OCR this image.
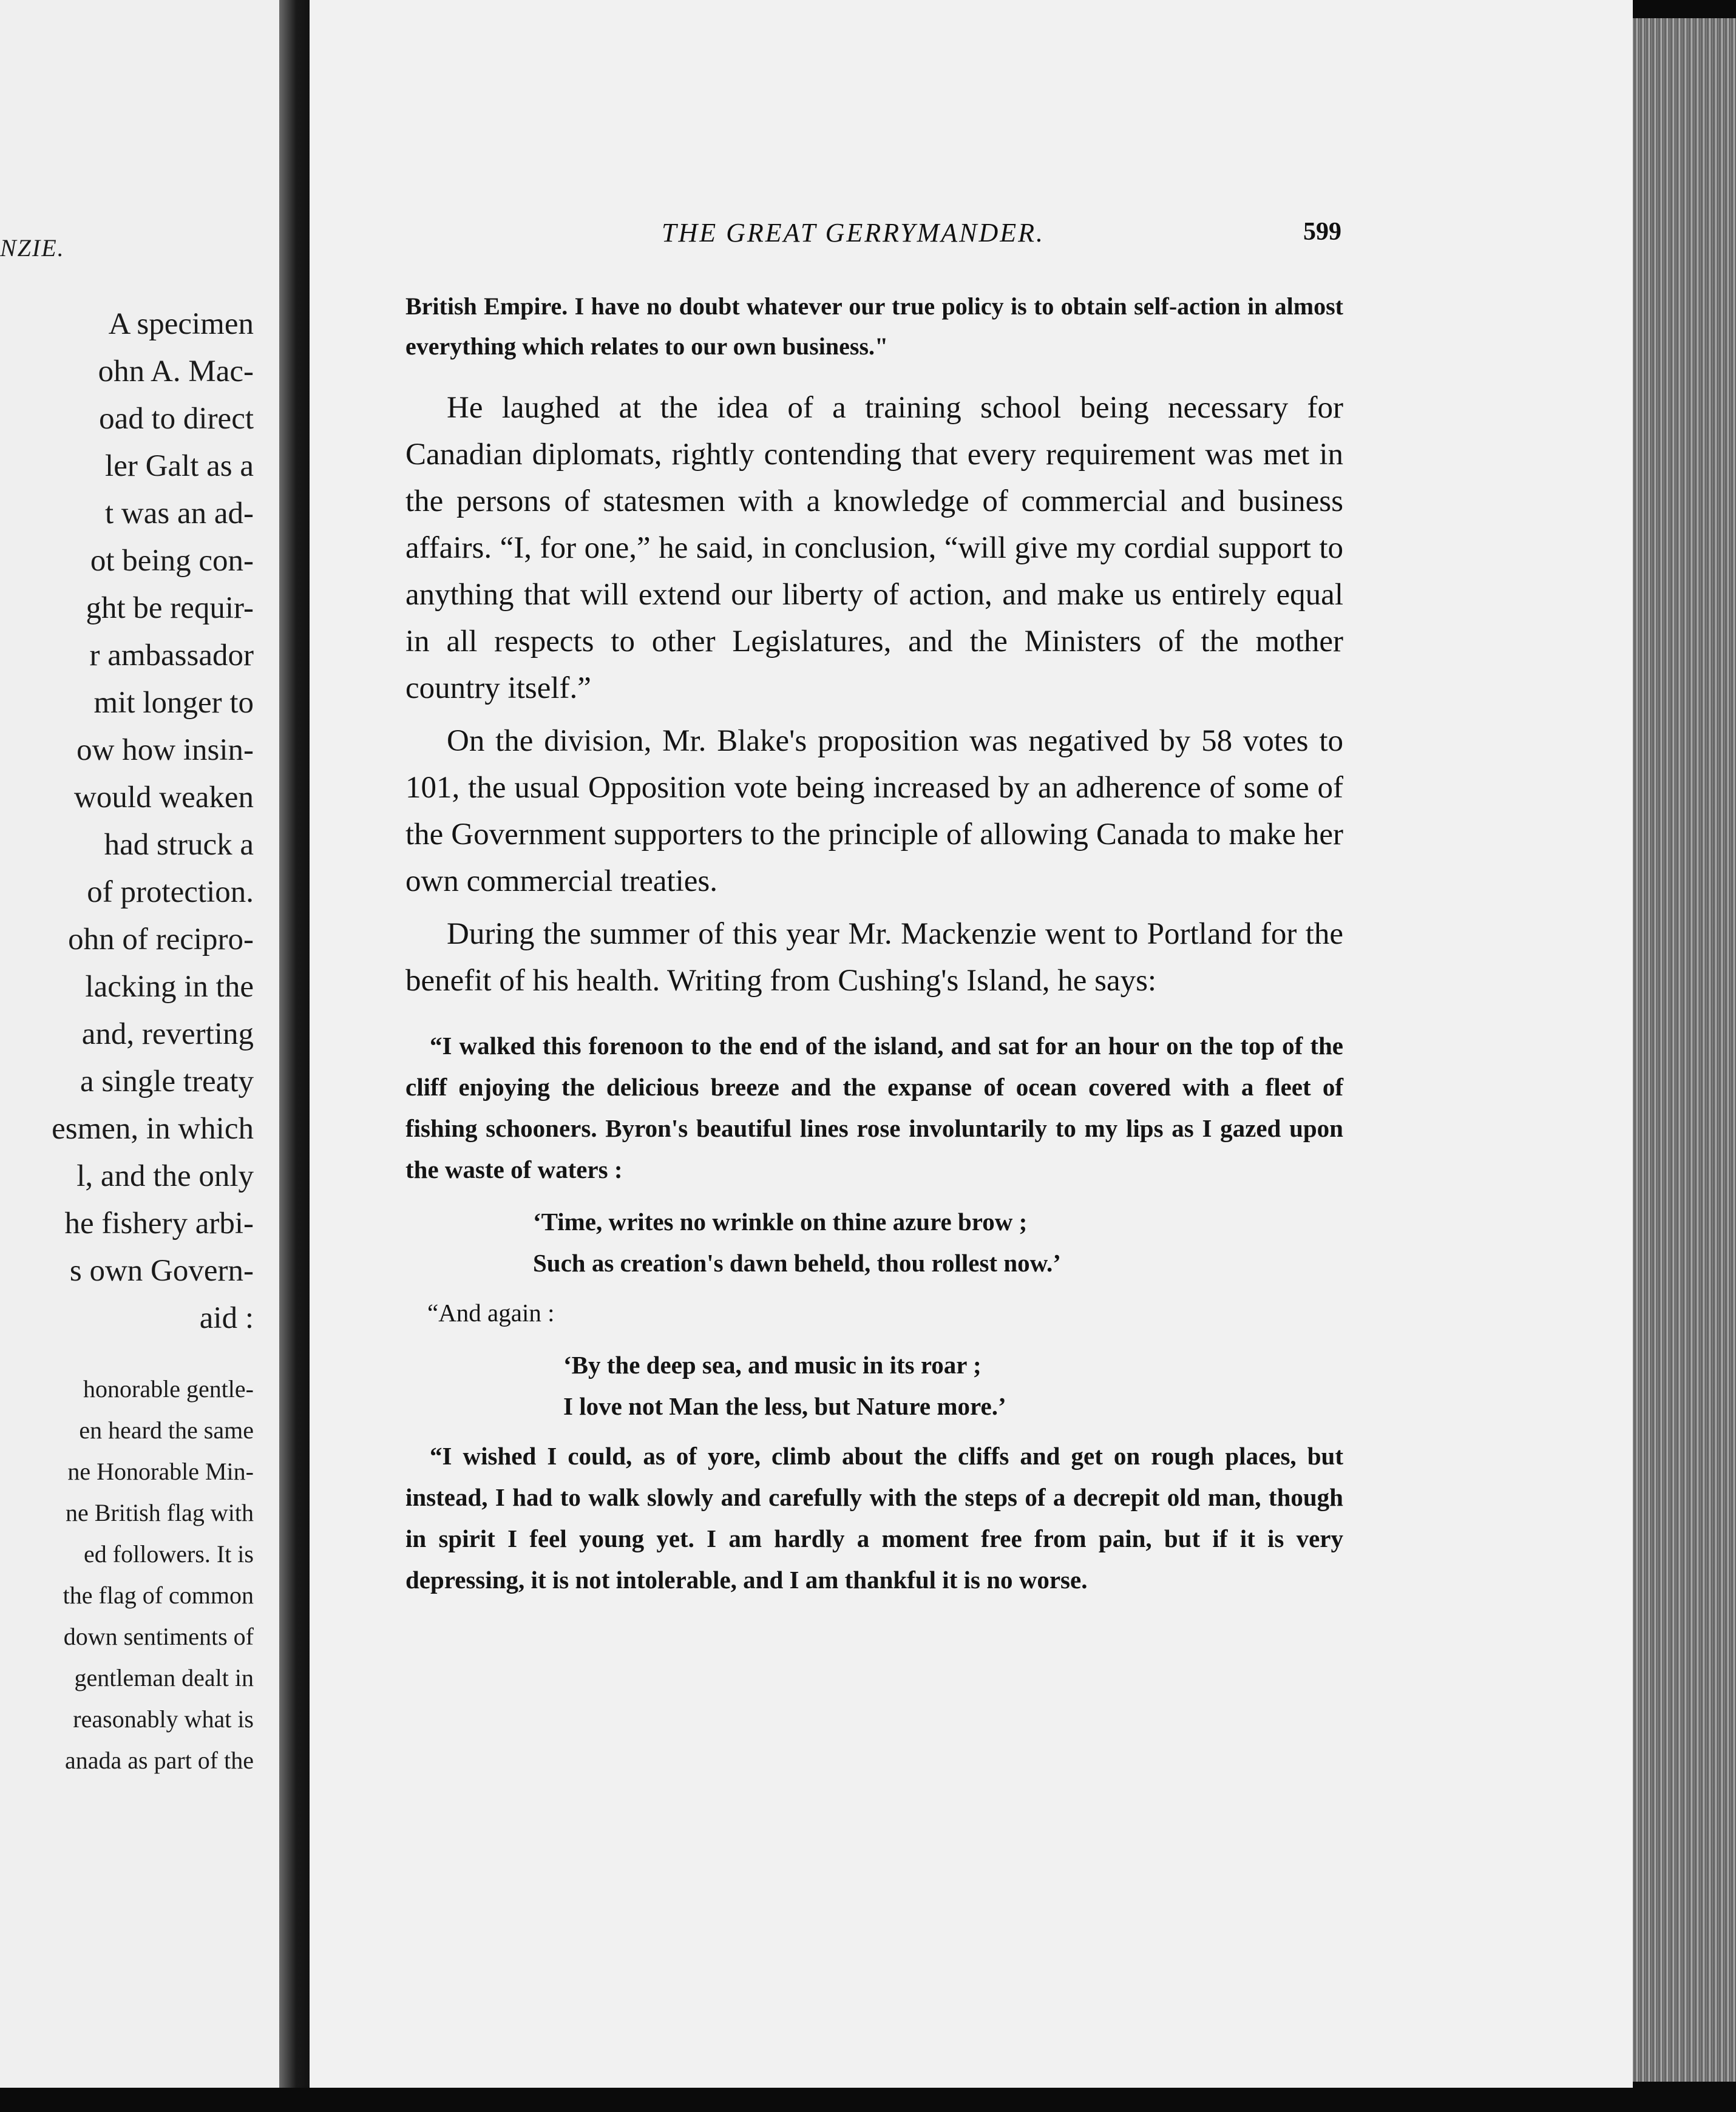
NZIE.
A specimen
ohn A. Mac-
oad to direct
ler Galt as a
t was an ad-
ot being con-
ght be requir-
r ambassador
mit longer to
ow how insin-
would weaken
had struck a
of protection.
ohn of recipro-
lacking in the
and, reverting
a single treaty
esmen, in which
l, and the only
he fishery arbi-
s own Govern-
aid :
honorable gentle-
en heard the same
ne Honorable Min-
ne British flag with
ed followers. It is
the flag of common
down sentiments of
gentleman dealt in
reasonably what is
anada as part of the
THE GREAT GERRYMANDER.	599
British Empire. I have no doubt whatever our true policy is to obtain self-action in almost everything which relates to our own business."

He laughed at the idea of a training school being necessary for Canadian diplomats, rightly contending that every requirement was met in the persons of statesmen with a knowledge of commercial and business affairs. “I, for one,” he said, in conclusion, “will give my cordial support to anything that will extend our liberty of action, and make us entirely equal in all respects to other Legislatures, and the Ministers of the mother country itself.”

On the division, Mr. Blake's proposition was negatived by 58 votes to 101, the usual Opposition vote being increased by an adherence of some of the Government supporters to the principle of allowing Canada to make her own commercial treaties.

During the summer of this year Mr. Mackenzie went to Portland for the benefit of his health. Writing from Cushing's Island, he says:

“I walked this forenoon to the end of the island, and sat for an hour on the top of the cliff enjoying the delicious breeze and the expanse of ocean covered with a fleet of fishing schooners. Byron's beautiful lines rose involuntarily to my lips as I gazed upon the waste of waters :
‘Time, writes no wrinkle on thine azure brow ;
Such as creation's dawn beheld, thou rollest now.’
“And again :
‘By the deep sea, and music in its roar ;
I love not Man the less, but Nature more.’
“I wished I could, as of yore, climb about the cliffs and get on rough places, but instead, I had to walk slowly and carefully with the steps of a decrepit old man, though in spirit I feel young yet. I am hardly a moment free from pain, but if it is very depressing, it is not intolerable, and I am thankful it is no worse.
